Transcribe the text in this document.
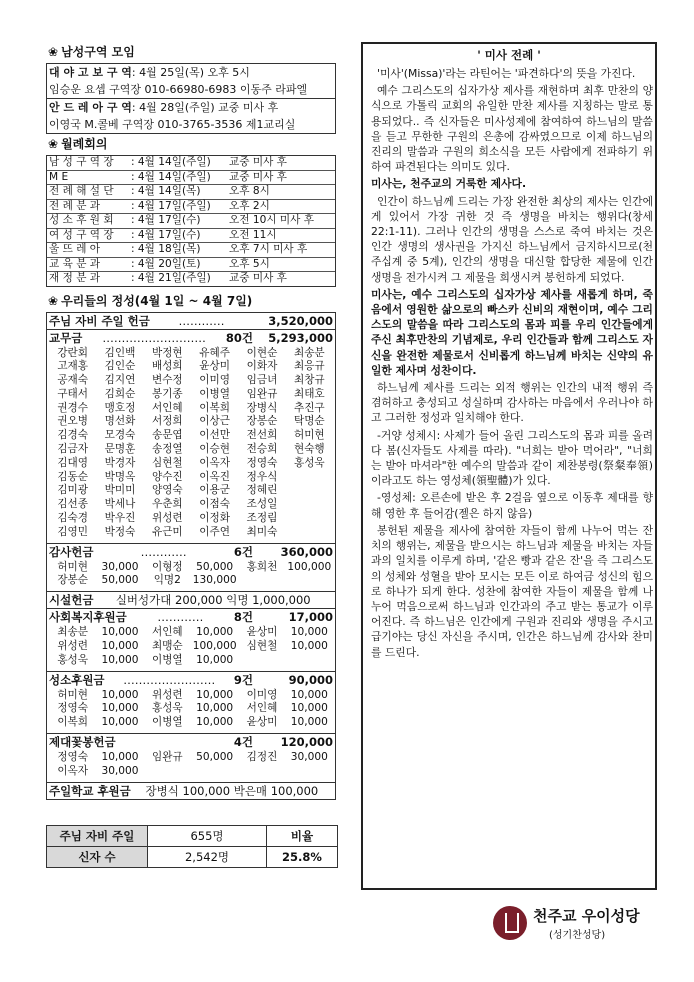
❀ 남성구역 모임
대 야 고 보 구 역: 4월 25일(목) 오후 5시
임승운 요셉 구역장 010-66980-6983 이동주 라파엘
안 드 레 아 구 역: 4월 28일(주일) 교중 미사 후
이영국 M.콜베 구역장 010-3765-3536 제1교리실
❀ 월례회의
남 성 구 역 장 : 4월 14일(주일) 교중 미사 후
M E	: 4월 14일(주일) 교중 미사 후
전 례 해 설 단 : 4월 14일(목)	오후 8시
전 례 분 과	: 4월 17일(주일) 오후 2시
성 소 후 원 회 : 4월 17일(수)	오전 10시 미사 후
여 성 구 역 장 : 4월 17일(수)	오전 11시
울 뜨 레 아	: 4월 18일(목)	오후 7시 미사 후
교 육 분 과	: 4월 20일(토)	오후 5시
재 정 분 과	: 4월 21일(주일) 교중 미사 후
❀ 우리들의 정성(4월 1일 ~ 4월 7일)
주님 자비 주일 헌금	…………	3,520,000
교무금	………………………	80건	5,293,000
강란회	김인백	박정현	유혜주	이현순	최송분
고재홍	김인순	배성희	윤상미	이화자	최응규
공재숙	김지연	변수정	이미영	임금녀	최창규
구태서	김희순	봉기종	이병열	임완규	최태호
권경수	맹호정	서인혜	이복희	장병식	추진구
권오병	명선화	서정희	이상근	장봉순	탁명순
김경숙	모경숙	송문엽	이선만	전선희	허미현
김금자	문명훈	송정열	이승현	전승희	현숙행
김대영	박경자	심현철	이옥자	정영숙	홍성욱
김동순	박명옥	양수진	이옥진	정우식
김미광	박미미	양영숙	이용군	정혜린
김선종	박세나	우춘희	이점숙	조성일
김숙경	박우진	위성련	이정화	조정림
김영민	박정숙	유근미	이주연	최미숙
감사헌금	…………	6건	360,000
허미현	30,000	이형정	50,000	홍희천 100,000
장봉순	50,000	익명2	130,000
시설헌금	실버성가대 200,000 익명 1,000,000
사회복지후원금	…………	8건	17,000
최송분	10,000	서인혜	10,000	윤상미	10,000
위성련	10,000	최맹순 100,000 심현철	10,000
홍성욱	10,000	이병열	10,000
성소후원금	……………………	9건	90,000
허미현	10,000	위성련	10,000	이미영	10,000
정영숙	10,000	홍성욱	10,000	서인혜	10,000
이복희	10,000	이병열	10,000	윤상미	10,000
제대꽃봉헌금	4건	120,000
정영숙	10,000	임완규	50,000	김정진	30,000
이옥자	30,000
주일학교 후원금	장병식 100,000 박은매 100,000
주님 자비 주일	655명	비율
신자 수	2,542명	25.8%
' 미사 전례 '

'미사'(Missa)'라는 라틴어는 '파견하다'의 뜻을 가진다.

예수 그리스도의 십자가상 제사를 재현하며 최후 만찬의 양식으로 가톨릭 교회의 유일한 만찬 제사를 지칭하는 말로 통용되었다.. 즉 신자들은 미사성제에 참여하여 하느님의 말씀을 듣고 무한한 구원의 은총에 감싸였으므로 이제 하느님의 진리의 말씀과 구원의 희소식을 모든 사람에게 전파하기 위하여 파견된다는 의미도 있다.

미사는, 천주교의 거룩한 제사다.

인간이 하느님께 드리는 가장 완전한 최상의 제사는 인간에게 있어서 가장 귀한 것 즉 생명을 바치는 행위다(창세 22:1-11). 그러나 인간의 생명을 스스로 죽여 바치는 것은 인간 생명의 생사권을 가지신 하느님께서 금지하시므로(천주십계 중 5계), 인간의 생명을 대신할 합당한 제물에 인간 생명을 전가시켜 그 제물을 희생시켜 봉헌하게 되었다.

미사는, 예수 그리스도의 십자가상 제사를 새롭게 하며, 죽음에서 영원한 삶으로의 빠스카 신비의 재현이며, 예수 그리스도의 말씀을 따라 그리스도의 몸과 피를 우리 인간들에게 주신 최후만찬의 기념제로, 우리 인간들과 함께 그리스도 자신을 완전한 제물로서 신비롭게 하느님께 바치는 신약의 유일한 제사며 성찬이다.

하느님께 제사를 드리는 외적 행위는 인간의 내적 행위 즉 겸허하고 충성되고 성실하며 감사하는 마음에서 우러나야 하고 그러한 정성과 일치해야 한다.

-거양 성체시: 사제가 들어 올린 그리스도의 몸과 피를 올려다 봄(신자들도 사제를 따라). "너희는 받아 먹어라", "너희는 받아 마셔라"한 예수의 말씀과 같이 제찬봉령(祭粲奉領)이라고도 하는 영성체(領聖體)가 있다.

-영성체: 오른손에 받은 후 2걸음 옆으로 이동후 제대를 향해 영한 후 들어감(젤은 하지 않음)

봉헌된 제물을 제사에 참여한 자들이 함께 나누어 먹는 잔치의 행위는, 제물을 받으시는 하느님과 제물을 바치는 자들과의 일치를 이루게 하며, '같은 빵과 같은 잔'을 즉 그리스도의 성체와 성혈을 받아 모시는 모든 이로 하여금 성신의 힘으로 하나가 되게 한다. 성찬에 참여한 자들이 제물을 함께 나누어 먹음으로써 하느님과 인간과의 주고 받는 통교가 이루어진다. 즉 하느님은 인간에게 구원과 진리와 생명을 주시고 급기야는 당신 자신을 주시며, 인간은 하느님께 감사와 찬미를 드린다.

천주교 우이성당
(성기찬성당)
